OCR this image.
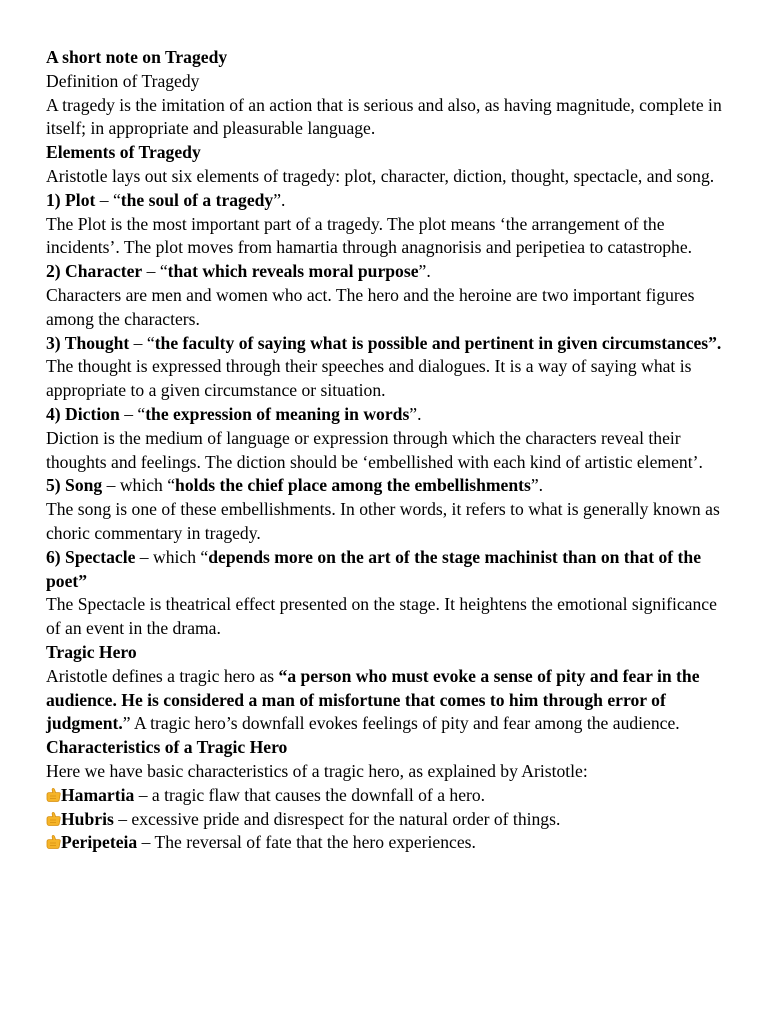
A short note on Tragedy

Definition of Tragedy

A tragedy is the imitation of an action that is serious and also, as having magnitude, complete in itself; in appropriate and pleasurable language.

Elements of Tragedy

Aristotle lays out six elements of tragedy: plot, character, diction, thought, spectacle, and song.

1) Plot – “the soul of a tragedy”.

The Plot is the most important part of a tragedy. The plot means ‘the arrangement of the incidents’. The plot moves from hamartia through anagnorisis and peripetiea to catastrophe.

2) Character – “that which reveals moral purpose”.

Characters are men and women who act. The hero and the heroine are two important figures among the characters.

3) Thought – “the faculty of saying what is possible and pertinent in given circumstances”.

The thought is expressed through their speeches and dialogues. It is a way of saying what is appropriate to a given circumstance or situation.

4) Diction – “the expression of meaning in words”.

Diction is the medium of language or expression through which the characters reveal their thoughts and feelings. The diction should be ‘embellished with each kind of artistic element’.

5) Song – which “holds the chief place among the embellishments”.

The song is one of these embellishments. In other words, it refers to what is generally known as choric commentary in tragedy.

6) Spectacle – which “depends more on the art of the stage machinist than on that of the poet”

The Spectacle is theatrical effect presented on the stage. It heightens the emotional significance of an event in the drama.

Tragic Hero

Aristotle defines a tragic hero as “a person who must evoke a sense of pity and fear in the audience. He is considered a man of misfortune that comes to him through error of judgment.” A tragic hero’s downfall evokes feelings of pity and fear among the audience.

Characteristics of a Tragic Hero

Here we have basic characteristics of a tragic hero, as explained by Aristotle:

Hamartia – a tragic flaw that causes the downfall of a hero.

Hubris – excessive pride and disrespect for the natural order of things.

Peripeteia – The reversal of fate that the hero experiences.
